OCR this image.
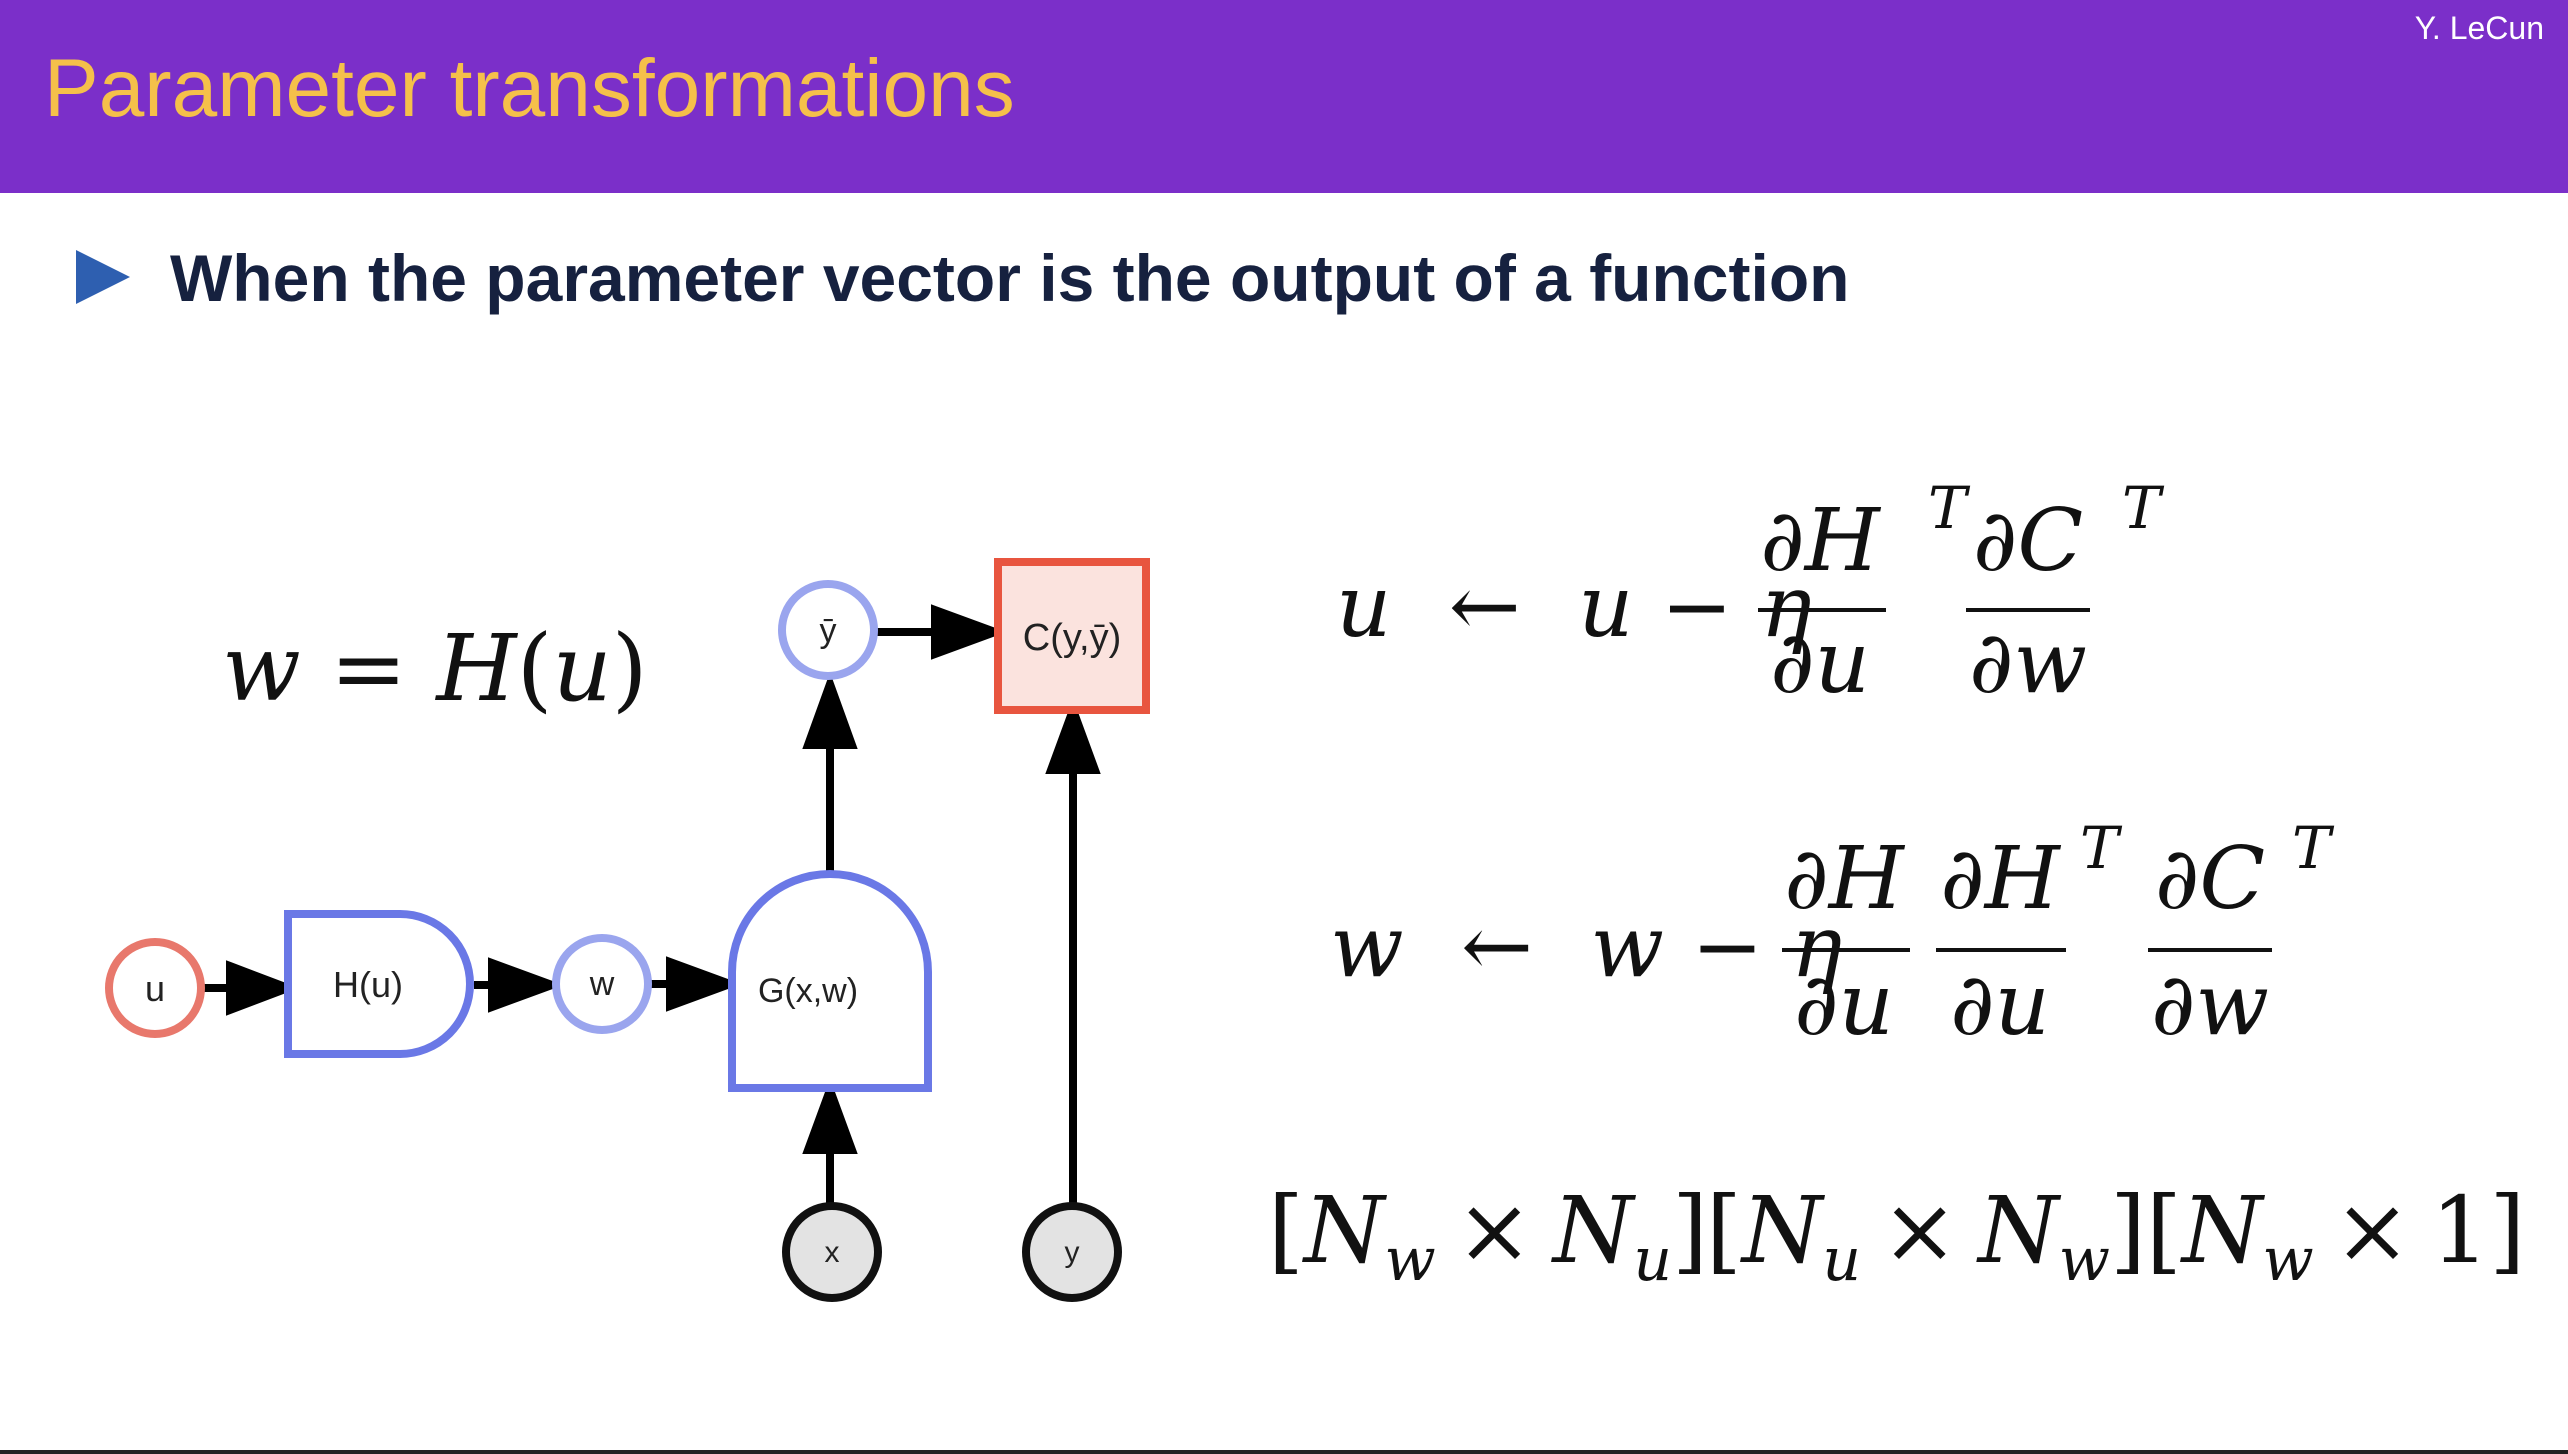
Parameter transformations
Y. LeCun
When the parameter vector is the output of a function
w = H(u)
u	H(u)	w	G(x,w)
ȳ	C(y,ȳ)
x	y
u ← u − η
∂H
∂u
T ∂C
∂w
T
w ← w − η
∂H
∂u
∂H
∂u
T ∂C
∂w
T
[Nw × Nu]
[Nu × Nw] [Nw × 1]
